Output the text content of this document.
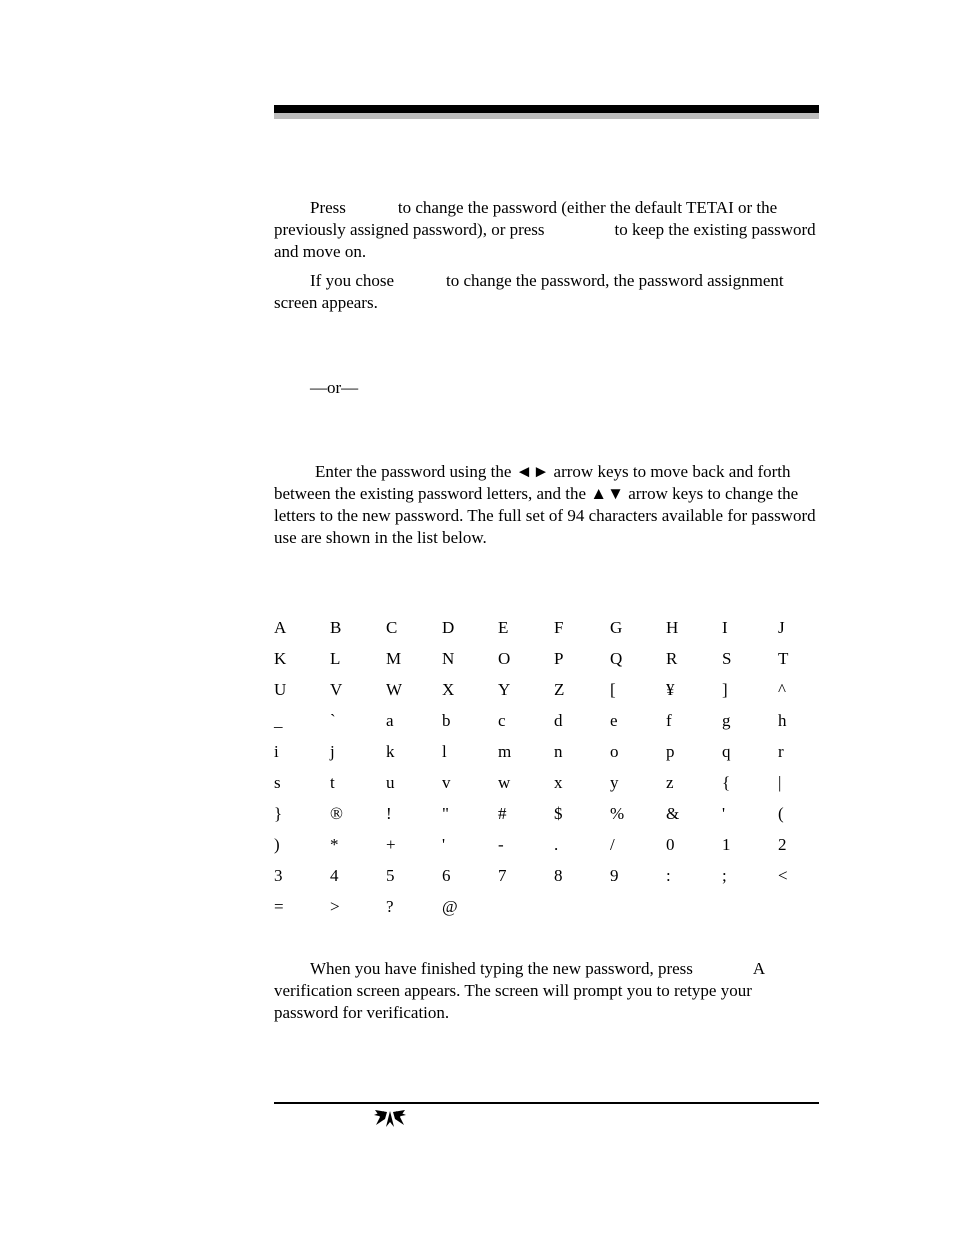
Press	to change the password (either the default TETAI or the previously assigned password), or press	to keep the existing password and move on.

If you chose	to change the password, the password assignment screen appears.

—or—

Enter the password using the ◄► arrow keys to move back and forth between the existing password letters, and the ▲▼ arrow keys to change the letters to the new password. The full set of 94 characters available for password use are shown in the list below.

A	B	C	D	E	F	G	H	I	J
K	L	M	N	O	P	Q	R	S	T
U	V	W	X	Y	Z	[	¥	]	^
_	`	a	b	c	d	e	f	g	h
i	j	k	l	m	n	o	p	q	r
s	t	u	v	w	x	y	z	{	|
}	®	!	"	#	$	%	&	'	(
)	*	+	'	-	.	/	0	1	2
3	4	5	6	7	8	9	:	;	<
=	>	?	@

When you have finished typing the new password, press	A verification screen appears. The screen will prompt you to retype your password for verification.
